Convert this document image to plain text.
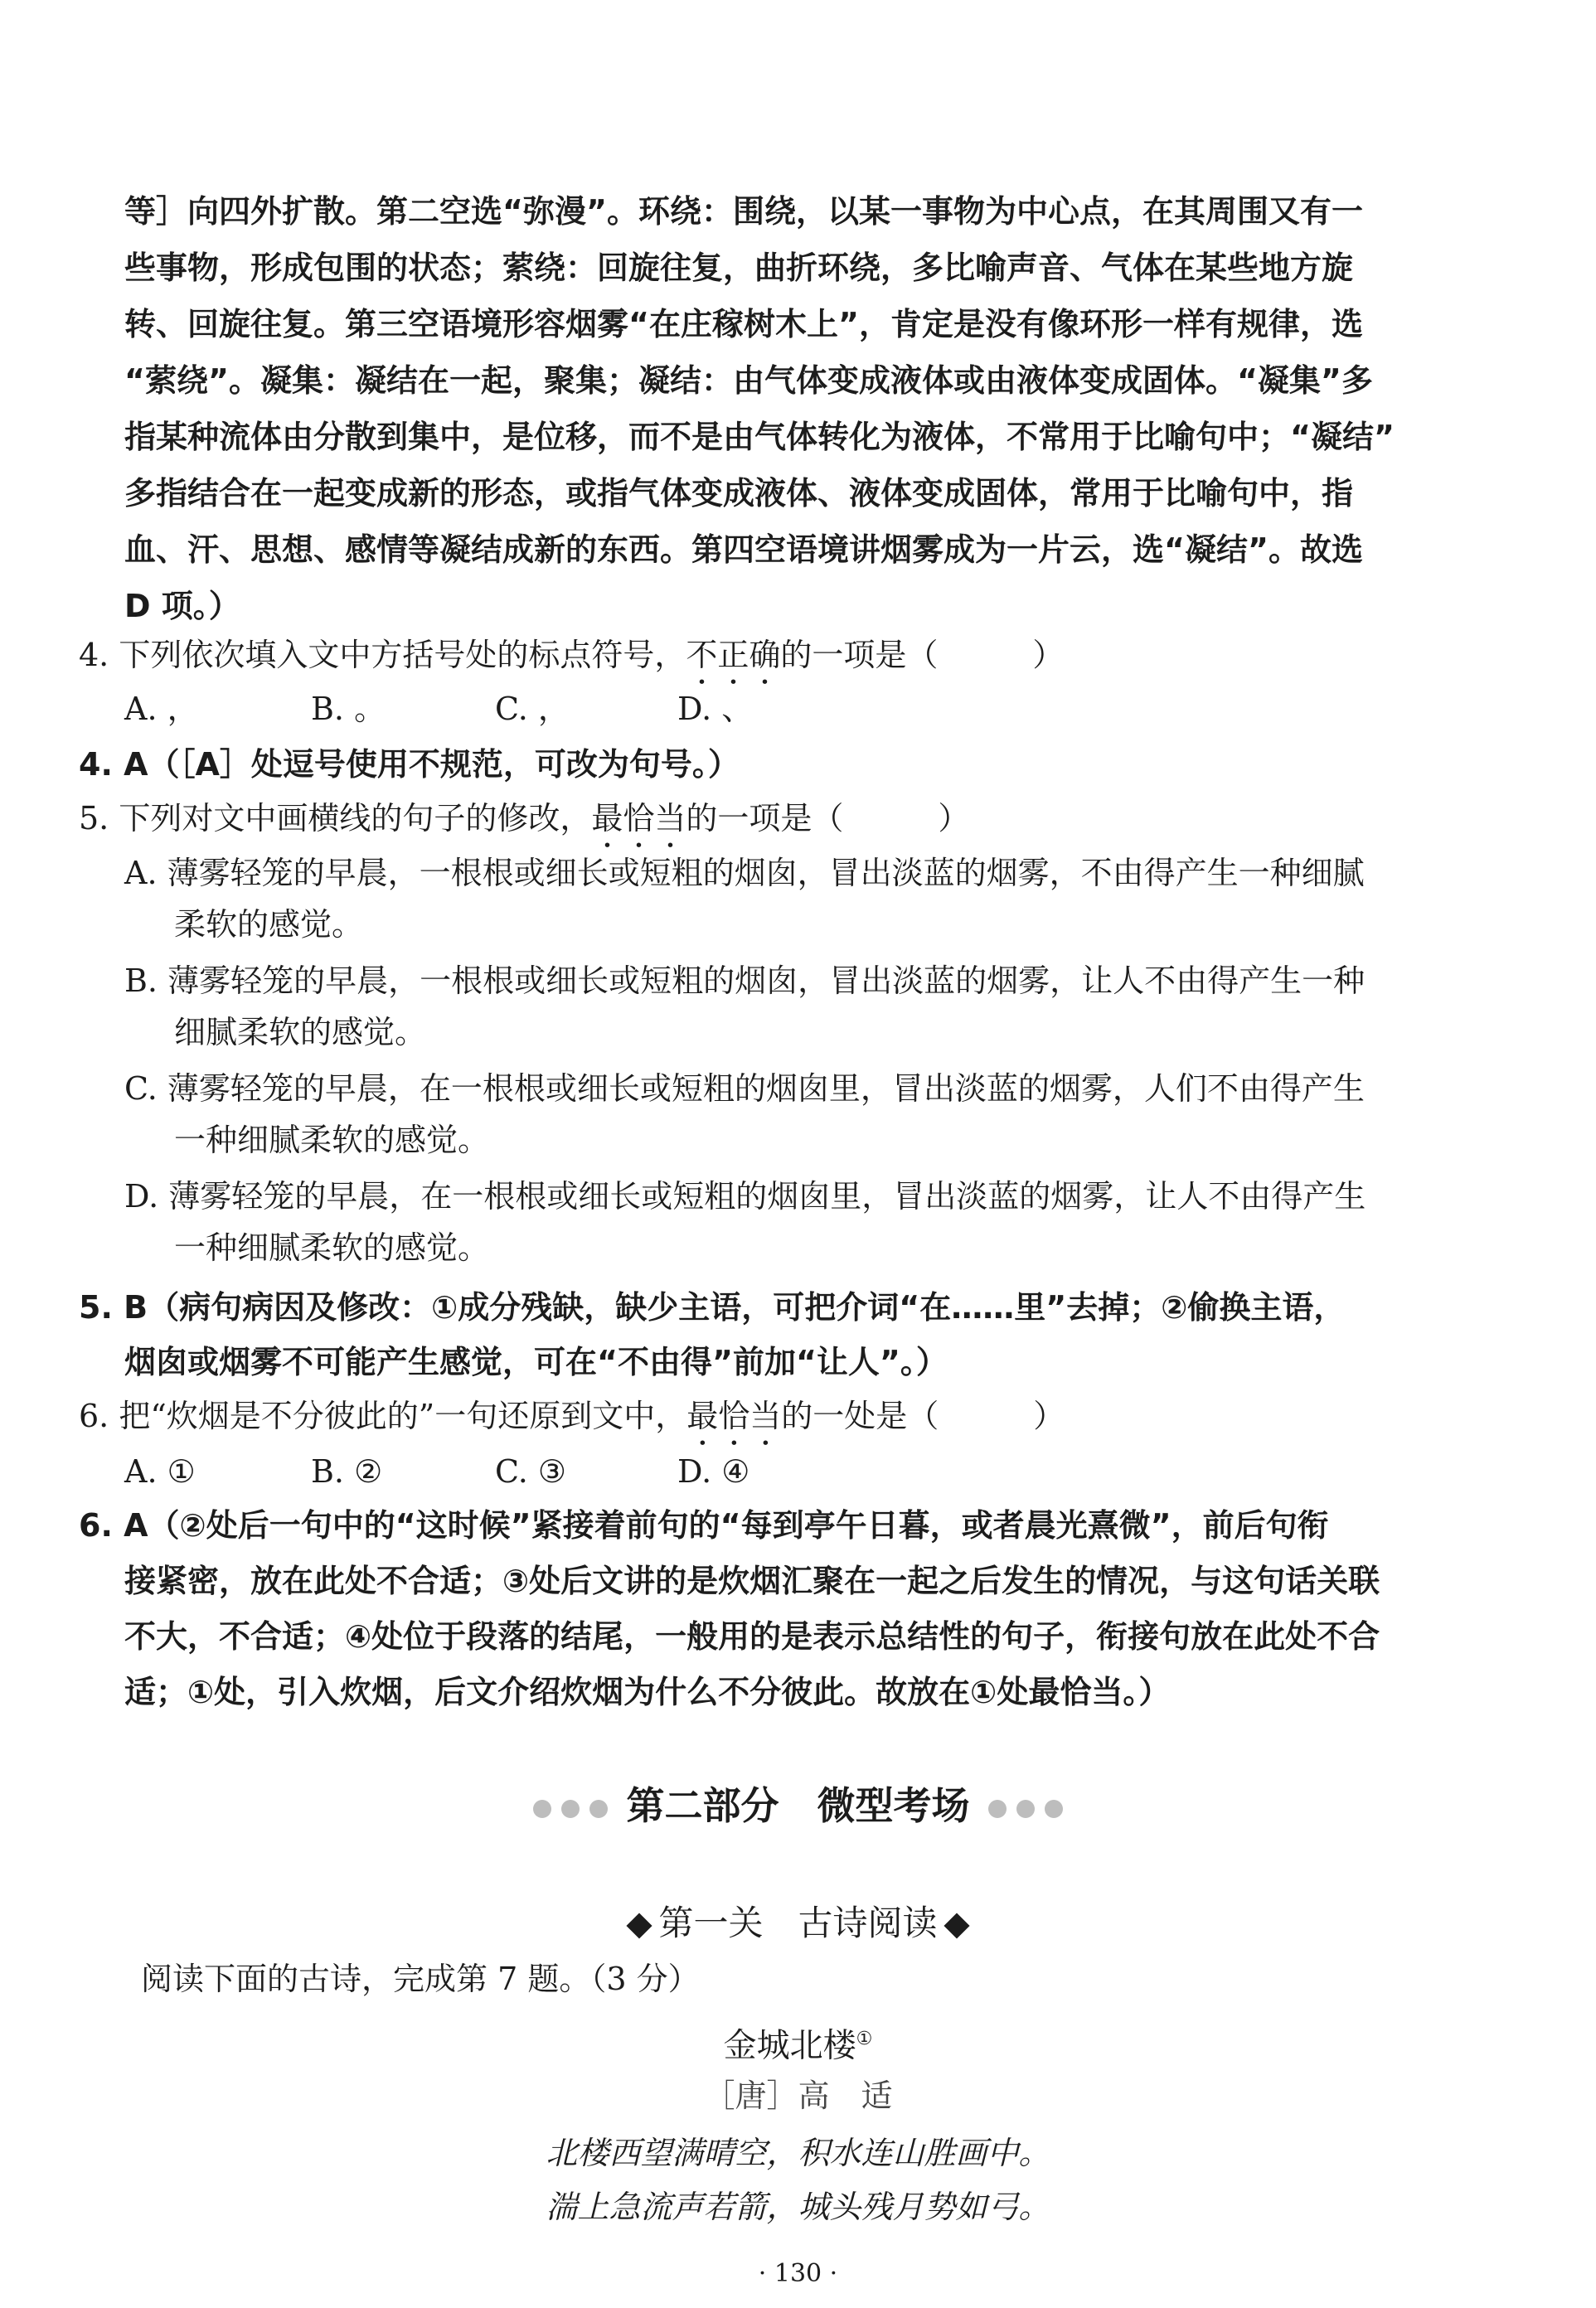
等］向四外扩散。第二空选“弥漫”。环绕：围绕，以某一事物为中心点，在其周围又有一
些事物，形成包围的状态；萦绕：回旋往复，曲折环绕，多比喻声音、气体在某些地方旋
转、回旋往复。第三空语境形容烟雾“在庄稼树木上”，肯定是没有像环形一样有规律，选
“萦绕”。凝集：凝结在一起，聚集；凝结：由气体变成液体或由液体变成固体。“凝集”多
指某种流体由分散到集中，是位移，而不是由气体转化为液体，不常用于比喻句中；“凝结”
多指结合在一起变成新的形态，或指气体变成液体、液体变成固体，常用于比喻句中，指
血、汗、思想、感情等凝结成新的东西。第四空语境讲烟雾成为一片云，选“凝结”。故选
D 项。）
4. 下列依次填入文中方括号处的标点符号，不正确的一项是（　　　）
A. ，	B. 。	C. ，	D. 、
4. A（［A］处逗号使用不规范，可改为句号。）
5. 下列对文中画横线的句子的修改，最恰当的一项是（　　　）
A. 薄雾轻笼的早晨，一根根或细长或短粗的烟囱，冒出淡蓝的烟雾，不由得产生一种细腻
柔软的感觉。
B. 薄雾轻笼的早晨，一根根或细长或短粗的烟囱，冒出淡蓝的烟雾，让人不由得产生一种
细腻柔软的感觉。
C. 薄雾轻笼的早晨，在一根根或细长或短粗的烟囱里，冒出淡蓝的烟雾，人们不由得产生
一种细腻柔软的感觉。
D. 薄雾轻笼的早晨，在一根根或细长或短粗的烟囱里，冒出淡蓝的烟雾，让人不由得产生
一种细腻柔软的感觉。
5. B（病句病因及修改：①成分残缺，缺少主语，可把介词“在……里”去掉；②偷换主语，
烟囱或烟雾不可能产生感觉，可在“不由得”前加“让人”。）
6. 把“炊烟是不分彼此的”一句还原到文中，最恰当的一处是（　　　）
A. ①	B. ②	C. ③	D. ④
6. A（②处后一句中的“这时候”紧接着前句的“每到亭午日暮，或者晨光熹微”，前后句衔
接紧密，放在此处不合适；③处后文讲的是炊烟汇聚在一起之后发生的情况，与这句话关联
不大，不合适；④处位于段落的结尾，一般用的是表示总结性的句子，衔接句放在此处不合
适；①处，引入炊烟，后文介绍炊烟为什么不分彼此。故放在①处最恰当。）
第二部分　微型考场
第一关　古诗阅读
阅读下面的古诗，完成第 7 题。（3 分）
金城北楼①
［唐］高　适
北楼西望满晴空，积水连山胜画中。
湍上急流声若箭，城头残月势如弓。
· 130 ·
